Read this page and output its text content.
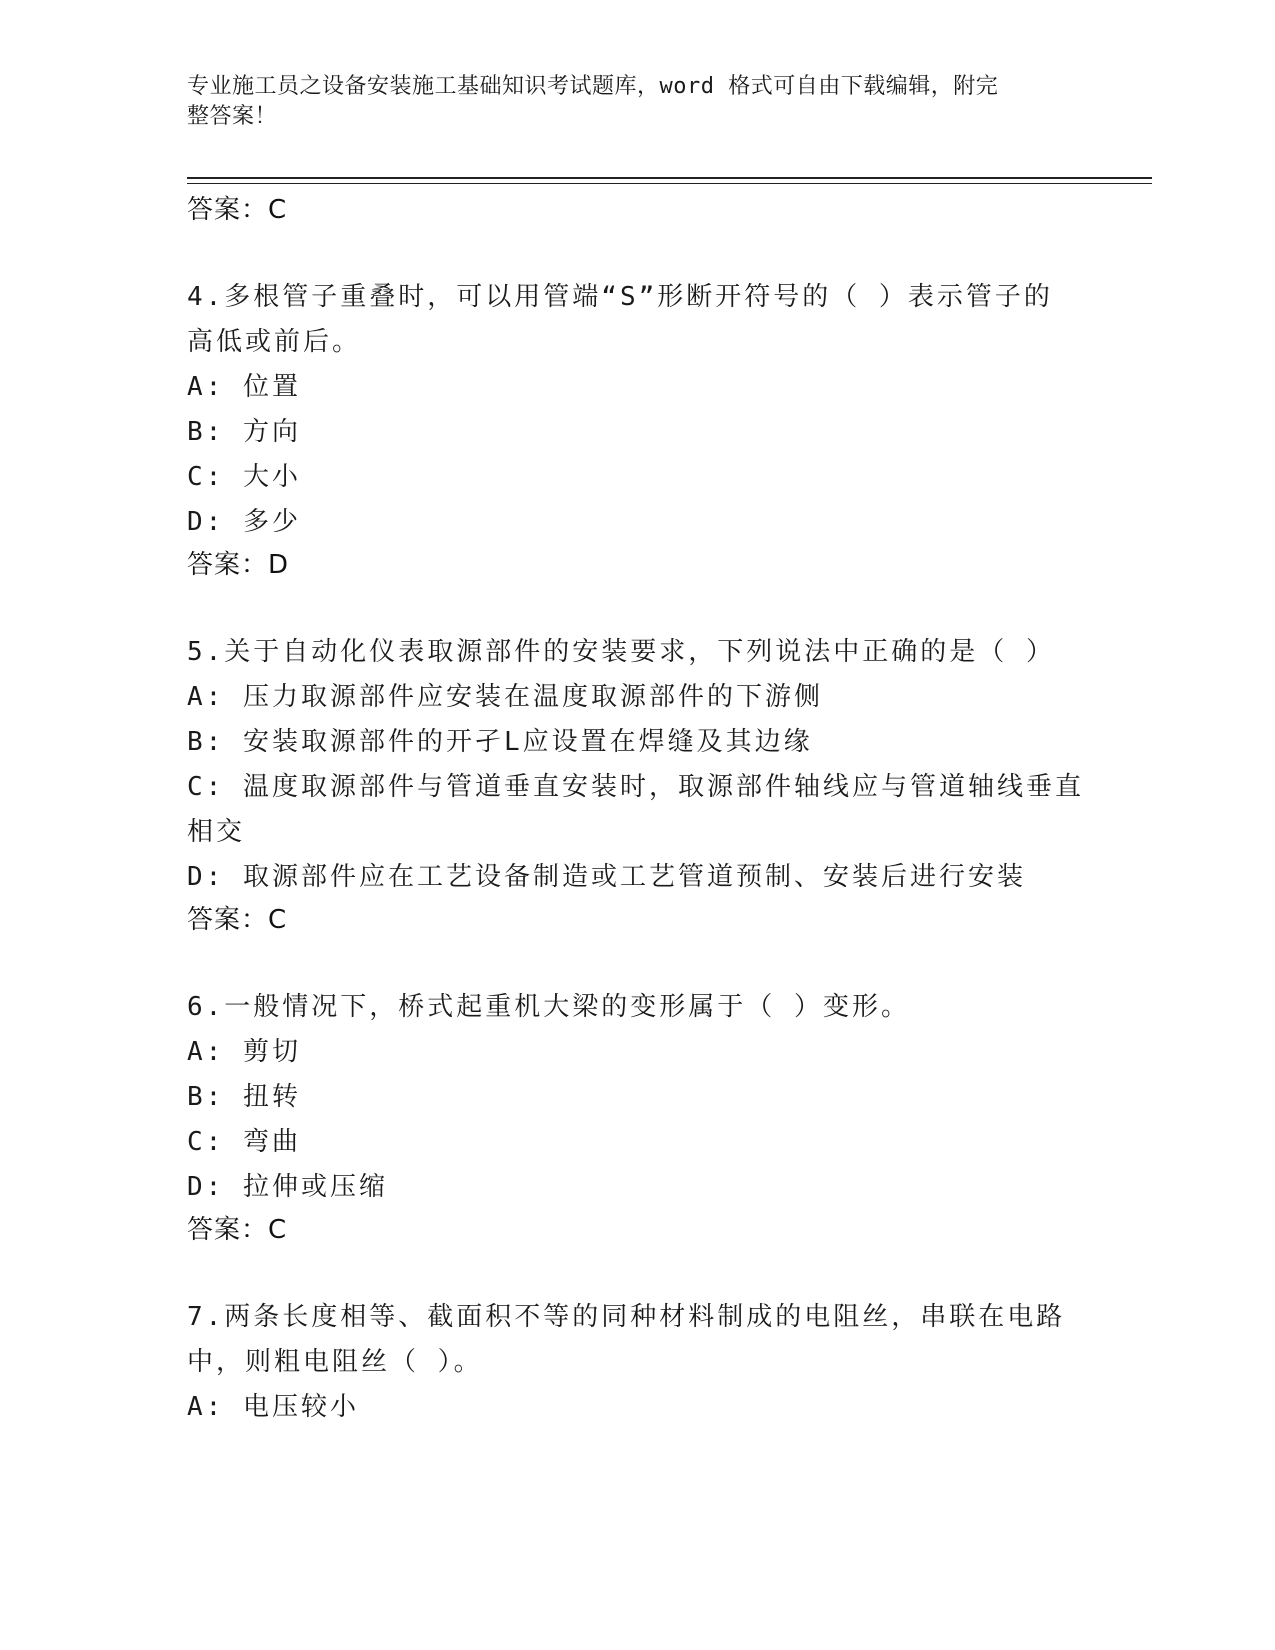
专业施工员之设备安装施工基础知识考试题库，word 格式可自由下载编辑，附完
整答案！
答案：C
4.多根管子重叠时，可以用管端“S”形断开符号的（ ）表示管子的
高低或前后。
A: 位置
B: 方向
C: 大小
D: 多少
答案：D
5.关于自动化仪表取源部件的安装要求，下列说法中正确的是（ ）
A: 压力取源部件应安装在温度取源部件的下游侧
B: 安装取源部件的开孑L应设置在焊缝及其边缘
C: 温度取源部件与管道垂直安装时，取源部件轴线应与管道轴线垂直
相交
D: 取源部件应在工艺设备制造或工艺管道预制、安装后进行安装
答案：C
6.一般情况下，桥式起重机大梁的变形属于（ ）变形。
A: 剪切
B: 扭转
C: 弯曲
D: 拉伸或压缩
答案：C
7.两条长度相等、截面积不等的同种材料制成的电阻丝，串联在电路
中，则粗电阻丝（ ）。
A: 电压较小
